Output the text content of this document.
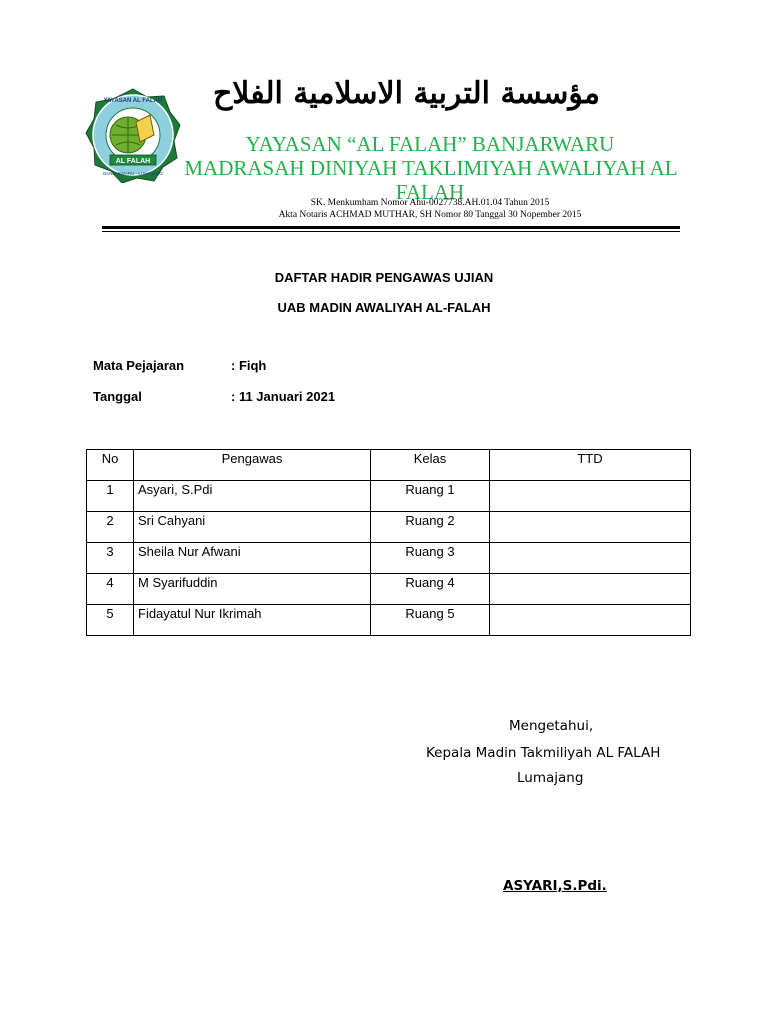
AL FALAH
YAYASAN AL FALAH
BANJARWARU · LUMAJANG
مؤسسة التربية الاسلامية الفلاح
YAYASAN “AL FALAH” BANJARWARU
MADRASAH DINIYAH TAKLIMIYAH AWALIYAH AL
FALAH
SK. Menkumham Nomor Ahu-0027738.AH.01.04 Tahun 2015
Akta Notaris ACHMAD MUTHAR, SH Nomor 80 Tanggal 30 Nopember 2015
DAFTAR HADIR PENGAWAS UJIAN
UAB MADIN AWALIYAH AL-FALAH
Mata Pejajaran	: Fiqh
Tanggal	: 11 Januari 2021
No	Pengawas	Kelas	TTD
1	Asyari, S.Pdi	Ruang 1	
2	Sri Cahyani	Ruang 2	
3	Sheila Nur Afwani	Ruang 3	
4	M Syarifuddin	Ruang 4	
5	Fidayatul Nur Ikrimah	Ruang 5	
Mengetahui,
Kepala Madin Takmiliyah AL FALAH
Lumajang
ASYARI,S.Pdi.
